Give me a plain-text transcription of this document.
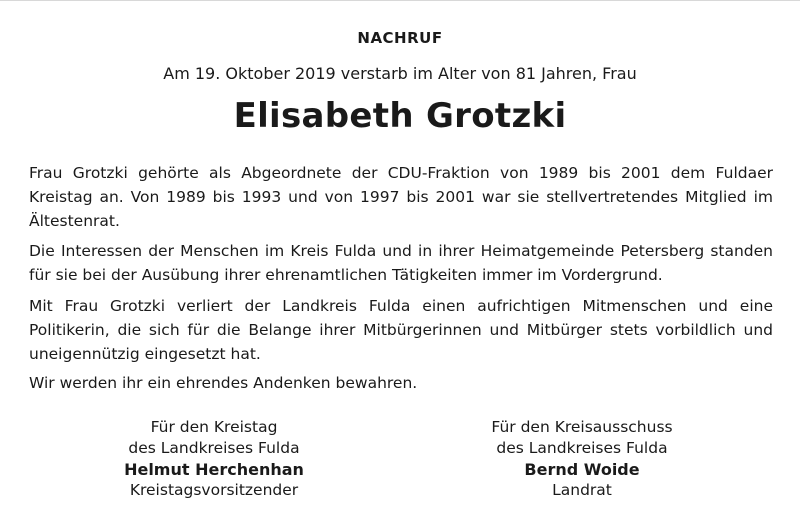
NACHRUF
Am 19. Oktober 2019 verstarb im Alter von 81 Jahren, Frau
Elisabeth Grotzki

Frau Grotzki gehörte als Abgeordnete der CDU-Fraktion von 1989 bis 2001 dem Fuldaer Kreistag an. Von 1989 bis 1993 und von 1997 bis 2001 war sie stellvertretendes Mitglied im Ältestenrat.

Die Interessen der Menschen im Kreis Fulda und in ihrer Heimatgemeinde Petersberg standen für sie bei der Ausübung ihrer ehrenamtlichen Tätigkeiten immer im Vordergrund.

Mit Frau Grotzki verliert der Landkreis Fulda einen aufrichtigen Mitmenschen und eine Politikerin, die sich für die Belange ihrer Mitbürgerinnen und Mitbürger stets vorbildlich und uneigennützig eingesetzt hat.

Wir werden ihr ein ehrendes Andenken bewahren.

Für den Kreistag
des Landkreises Fulda
Helmut Herchenhan
Kreistagsvorsitzender
Für den Kreisausschuss
des Landkreises Fulda
Bernd Woide
Landrat
